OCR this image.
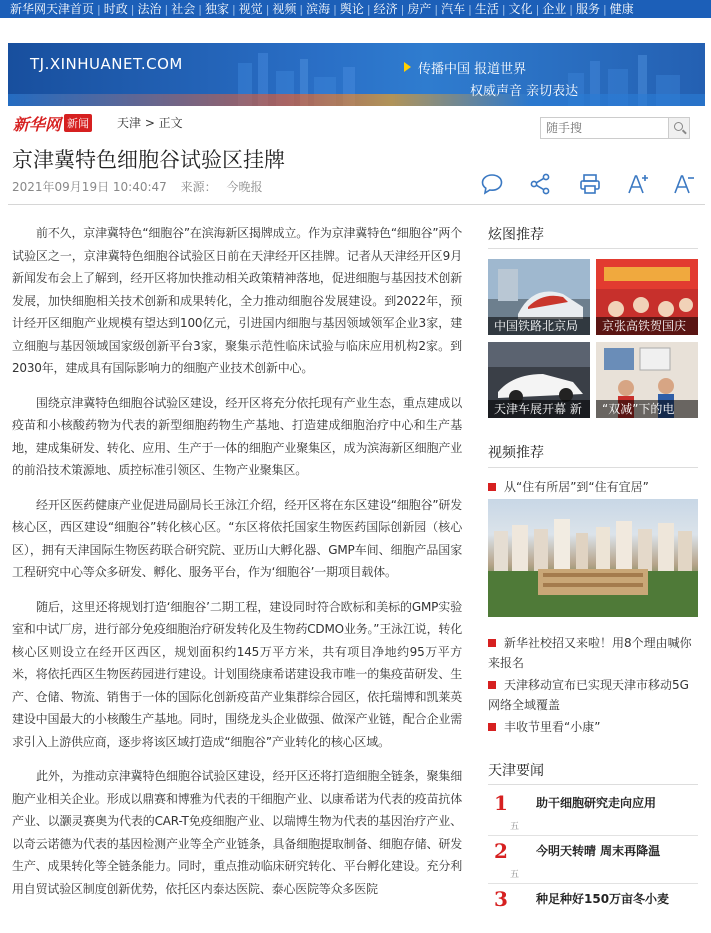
新华网天津首页 | 时政 | 法治 | 社会 | 独家 | 视觉 | 视频 | 滨海 | 舆论 | 经济 | 房产 | 汽车 | 生活 | 文化 | 企业 | 服务 | 健康
TJ.XINHUANET.COM	传播中国 报道世界
权威声音 亲切表达
新华网 新闻 天津 > 正文
随手搜
京津冀特色细胞谷试验区挂牌
2021年09月19日 10:40:47 来源： 今晚报

前不久，京津冀特色“细胞谷”在滨海新区揭牌成立。作为京津冀特色“细胞谷”两个试验区之一，京津冀特色细胞谷试验区日前在天津经开区挂牌。记者从天津经开区9月新闻发布会上了解到，经开区将加快推动相关政策精神落地，促进细胞与基因技术创新发展，加快细胞相关技术创新和成果转化，全力推动细胞谷发展建设。到2022年，预计经开区细胞产业规模有望达到100亿元，引进国内细胞与基因领域领军企业3家，建立细胞与基因领域国家级创新平台3家，聚集示范性临床试验与临床应用机构2家。到2030年，建成具有国际影响力的细胞产业技术创新中心。

围绕京津冀特色细胞谷试验区建设，经开区将充分依托现有产业生态，重点建成以疫苗和小核酸药物为代表的新型细胞药物生产基地、打造建成细胞治疗中心和生产基地，建成集研发、转化、应用、生产于一体的细胞产业聚集区，成为滨海新区细胞产业的前沿技术策源地、质控标准引领区、生物产业聚集区。

经开区医药健康产业促进局副局长王泳江介绍，经开区将在东区建设“细胞谷”研发核心区，西区建设“细胞谷”转化核心区。“东区将依托国家生物医药国际创新园（核心区），拥有天津国际生物医药联合研究院、亚历山大孵化器、GMP车间、细胞产品国家工程研究中心等众多研发、孵化、服务平台，作为‘细胞谷’一期项目载体。

随后，这里还将规划打造‘细胞谷’二期工程，建设同时符合欧标和美标的GMP实验室和中试厂房，进行部分免疫细胞治疗研发转化及生物药CDMO业务。”王泳江说，转化核心区则设立在经开区西区，规划面积约145万平方米，共有项目净地约95万平方米，将依托西区生物医药园进行建设。计划围绕康希诺建设我市唯一的集疫苗研发、生产、仓储、物流、销售于一体的国际化创新疫苗产业集群综合园区，依托瑞博和凯莱英建设中国最大的小核酸生产基地。同时，围绕龙头企业做强、做深产业链，配合企业需求引入上游供应商，逐步将该区域打造成“细胞谷”产业转化的核心区域。

此外，为推动京津冀特色细胞谷试验区建设，经开区还将打造细胞全链条，聚集细胞产业相关企业。形成以鼎赛和博雅为代表的干细胞产业、以康希诺为代表的疫苗抗体产业、以灏灵赛奥为代表的CAR-T免疫细胞产业、以瑞博生物为代表的基因治疗产业、以奇云诺德为代表的基因检测产业等全产业链条，具备细胞提取制备、细胞存储、研发生产、成果转化等全链条能力。同时，重点推动临床研究转化、平台孵化建设。充分利用自贸试验区制度创新优势，依托区内泰达医院、泰心医院等众多医院

炫图推荐
中国铁路北京局	京张高铁贺国庆
天津车展开幕 新	“双减”下的电
视频推荐
从“住有所居”到“住有宜居”
新华社校招又来啦！用8个理由喊你来报名
天津移动宣布已实现天津市移动5G网络全域覆盖
丰收节里看“小康”
天津要闻
1 助干细胞研究走向应用
五
2 今明天转晴 周末再降温
五
3 种足种好150万亩冬小麦
